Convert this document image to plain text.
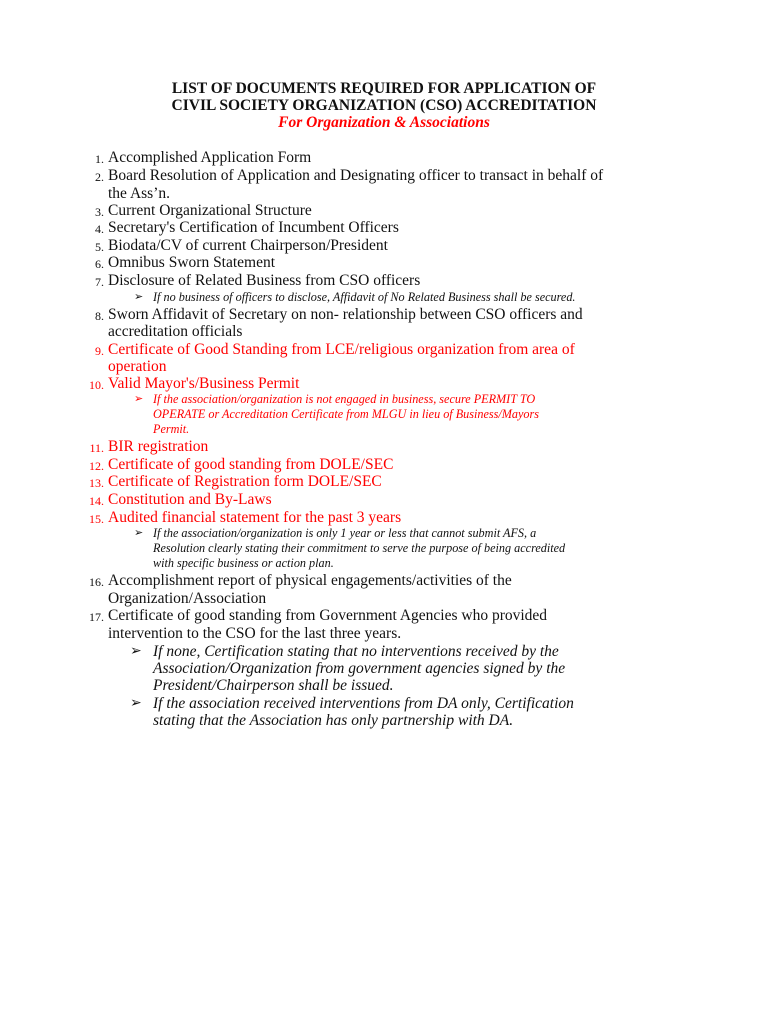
LIST OF DOCUMENTS REQUIRED FOR APPLICATION OF
CIVIL SOCIETY ORGANIZATION (CSO) ACCREDITATION
For Organization & Associations
1. Accomplished Application Form
2. Board Resolution of Application and Designating officer to transact in behalf of
the Ass’n.
3. Current Organizational Structure
4. Secretary's Certification of Incumbent Officers
5. Biodata/CV of current Chairperson/President
6. Omnibus Sworn Statement
7. Disclosure of Related Business from CSO officers
➢ If no business of officers to disclose, Affidavit of No Related Business shall be secured.
8. Sworn Affidavit of Secretary on non- relationship between CSO officers and
accreditation officials
9. Certificate of Good Standing from LCE/religious organization from area of
operation
10. Valid Mayor's/Business Permit
➢ If the association/organization is not engaged in business, secure PERMIT TO
OPERATE or Accreditation Certificate from MLGU in lieu of Business/Mayors
Permit.
11. BIR registration
12. Certificate of good standing from DOLE/SEC
13. Certificate of Registration form DOLE/SEC
14. Constitution and By-Laws
15. Audited financial statement for the past 3 years
➢ If the association/organization is only 1 year or less that cannot submit AFS, a
Resolution clearly stating their commitment to serve the purpose of being accredited
with specific business or action plan.
16. Accomplishment report of physical engagements/activities of the
Organization/Association
17. Certificate of good standing from Government Agencies who provided
intervention to the CSO for the last three years.
➢ If none, Certification stating that no interventions received by the
Association/Organization from government agencies signed by the
President/Chairperson shall be issued.
➢ If the association received interventions from DA only, Certification
stating that the Association has only partnership with DA.
